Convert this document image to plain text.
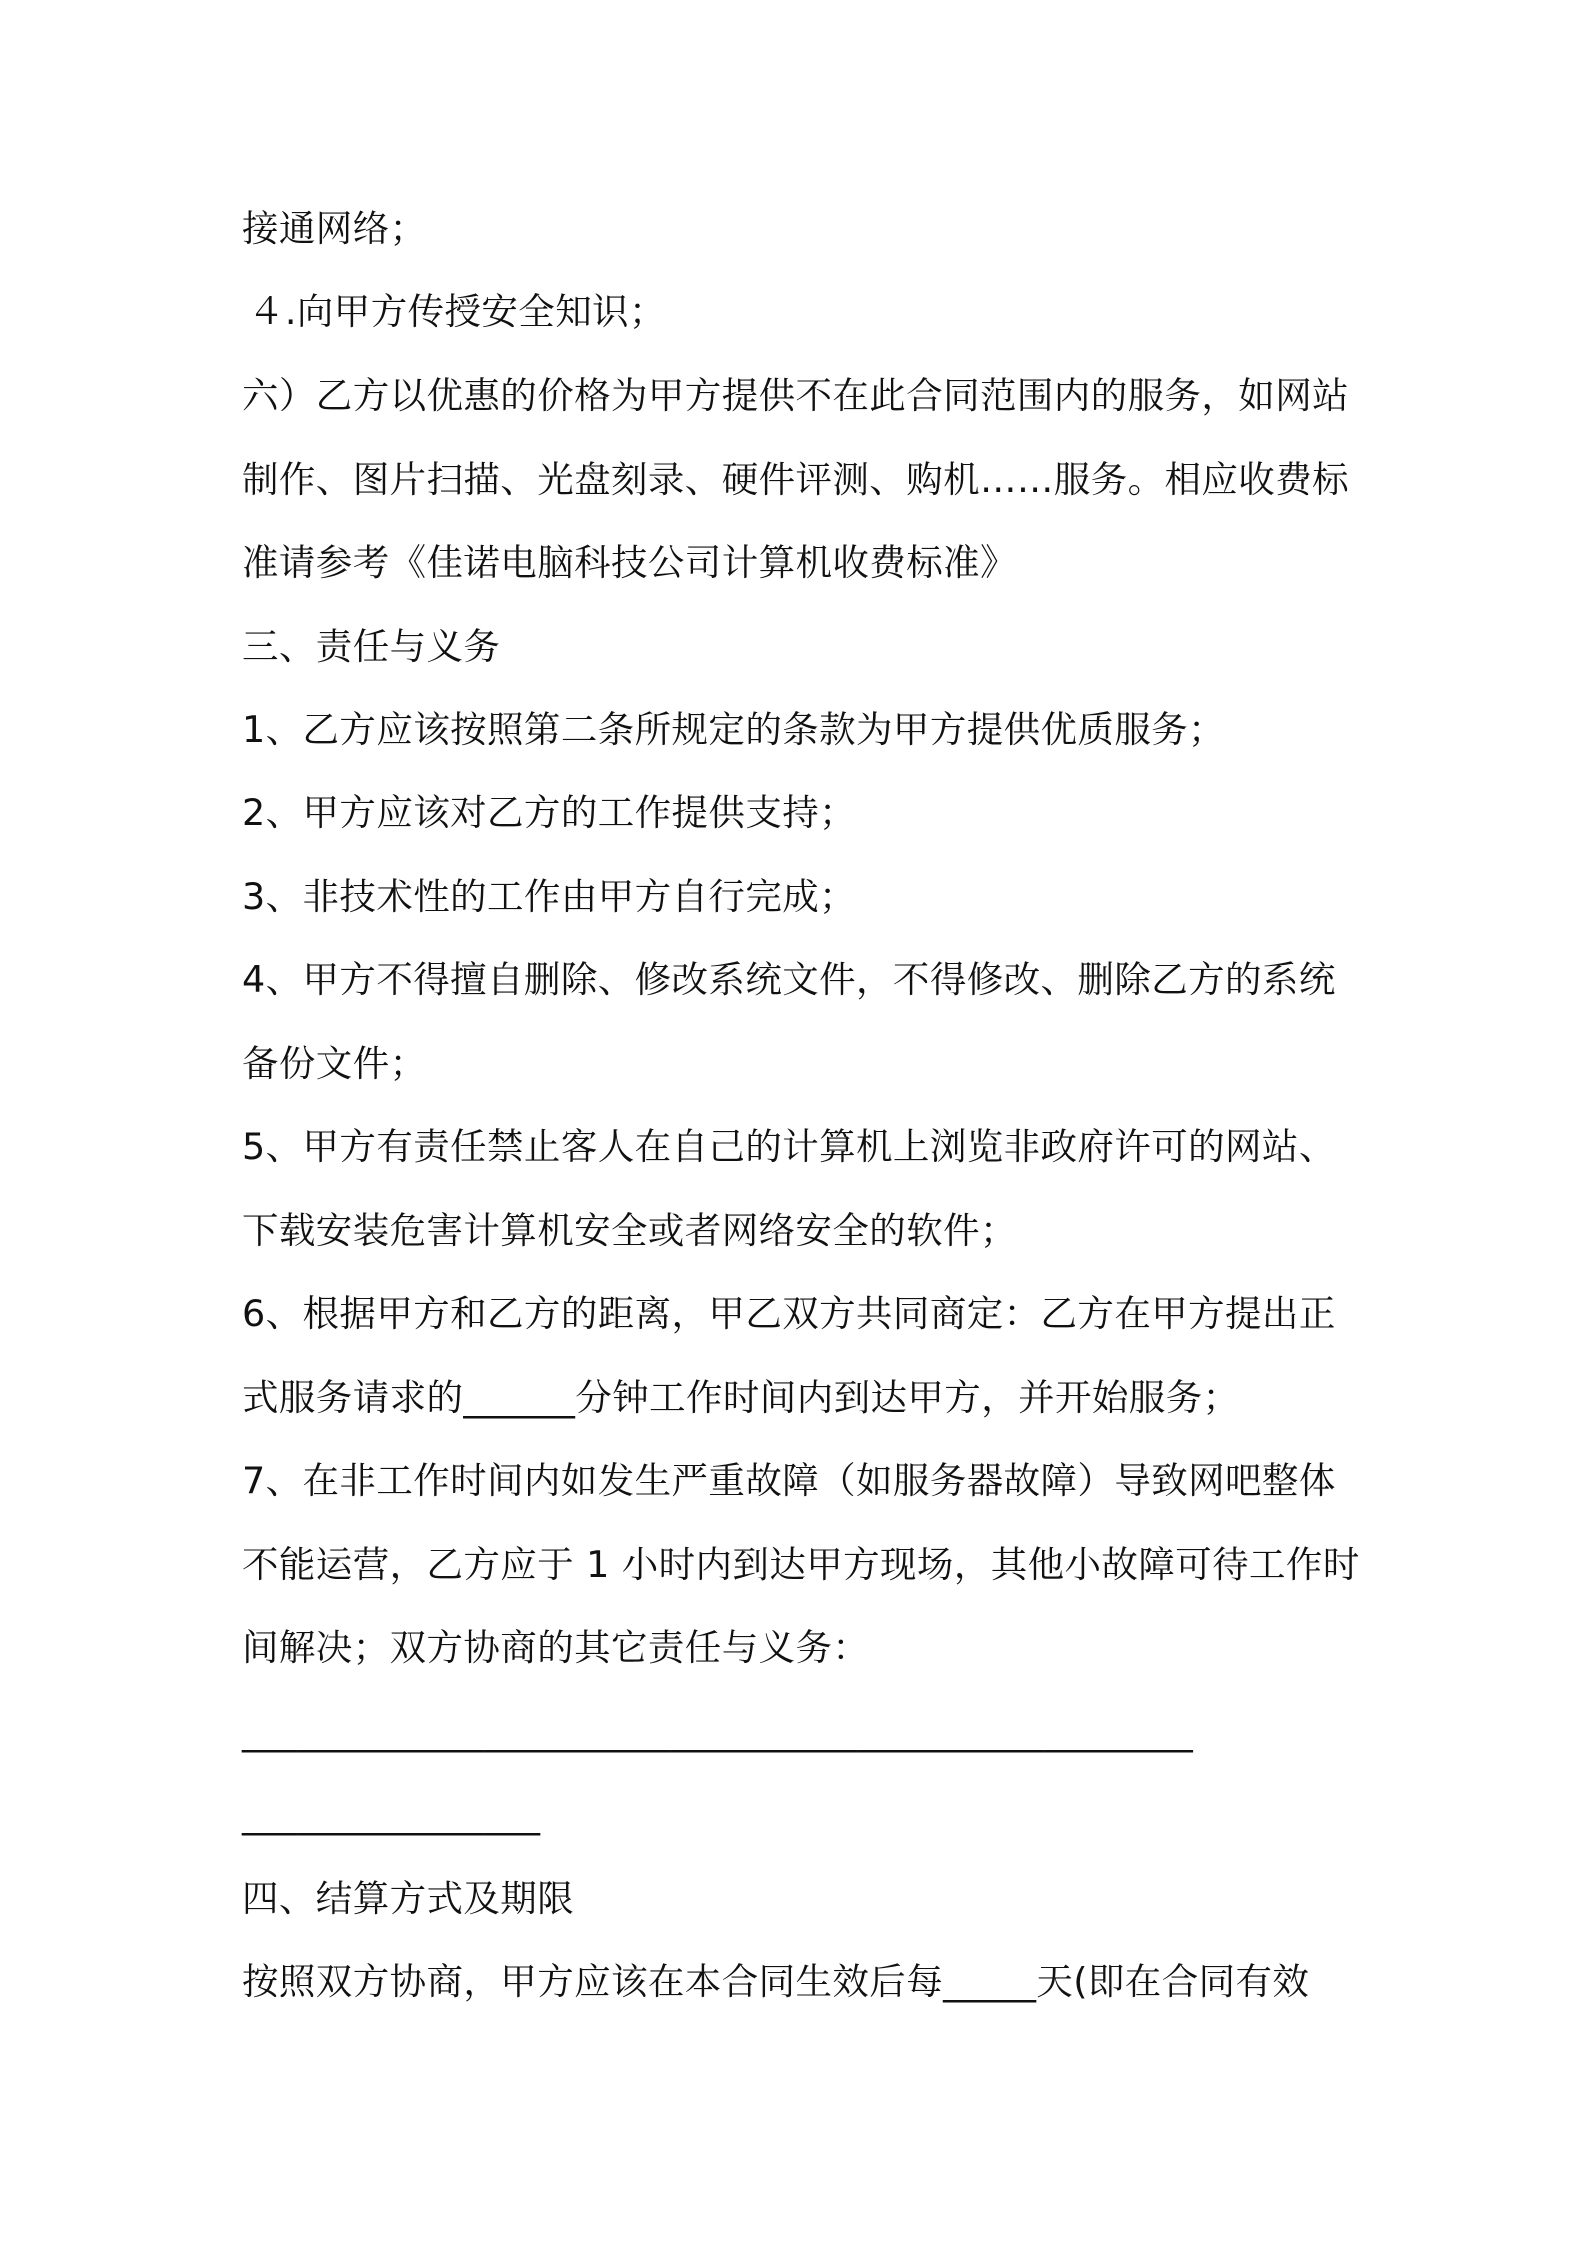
接通网络；
４.向甲方传授安全知识；
六）乙方以优惠的价格为甲方提供不在此合同范围内的服务，如网站
制作、图片扫描、光盘刻录、硬件评测、购机……服务。相应收费标
准请参考《佳诺电脑科技公司计算机收费标准》
三、责任与义务
1、乙方应该按照第二条所规定的条款为甲方提供优质服务；
2、甲方应该对乙方的工作提供支持；
3、非技术性的工作由甲方自行完成；
4、甲方不得擅自删除、修改系统文件，不得修改、删除乙方的系统
备份文件；
5、甲方有责任禁止客人在自己的计算机上浏览非政府许可的网站、
下载安装危害计算机安全或者网络安全的软件；
6、根据甲方和乙方的距离，甲乙双方共同商定：乙方在甲方提出正
式服务请求的______分钟工作时间内到达甲方，并开始服务；
7、在非工作时间内如发生严重故障（如服务器故障）导致网吧整体
不能运营，乙方应于 1 小时内到达甲方现场，其他小故障可待工作时
间解决；双方协商的其它责任与义务：
___________________________________________________
________________
四、结算方式及期限
按照双方协商，甲方应该在本合同生效后每_____天(即在合同有效
